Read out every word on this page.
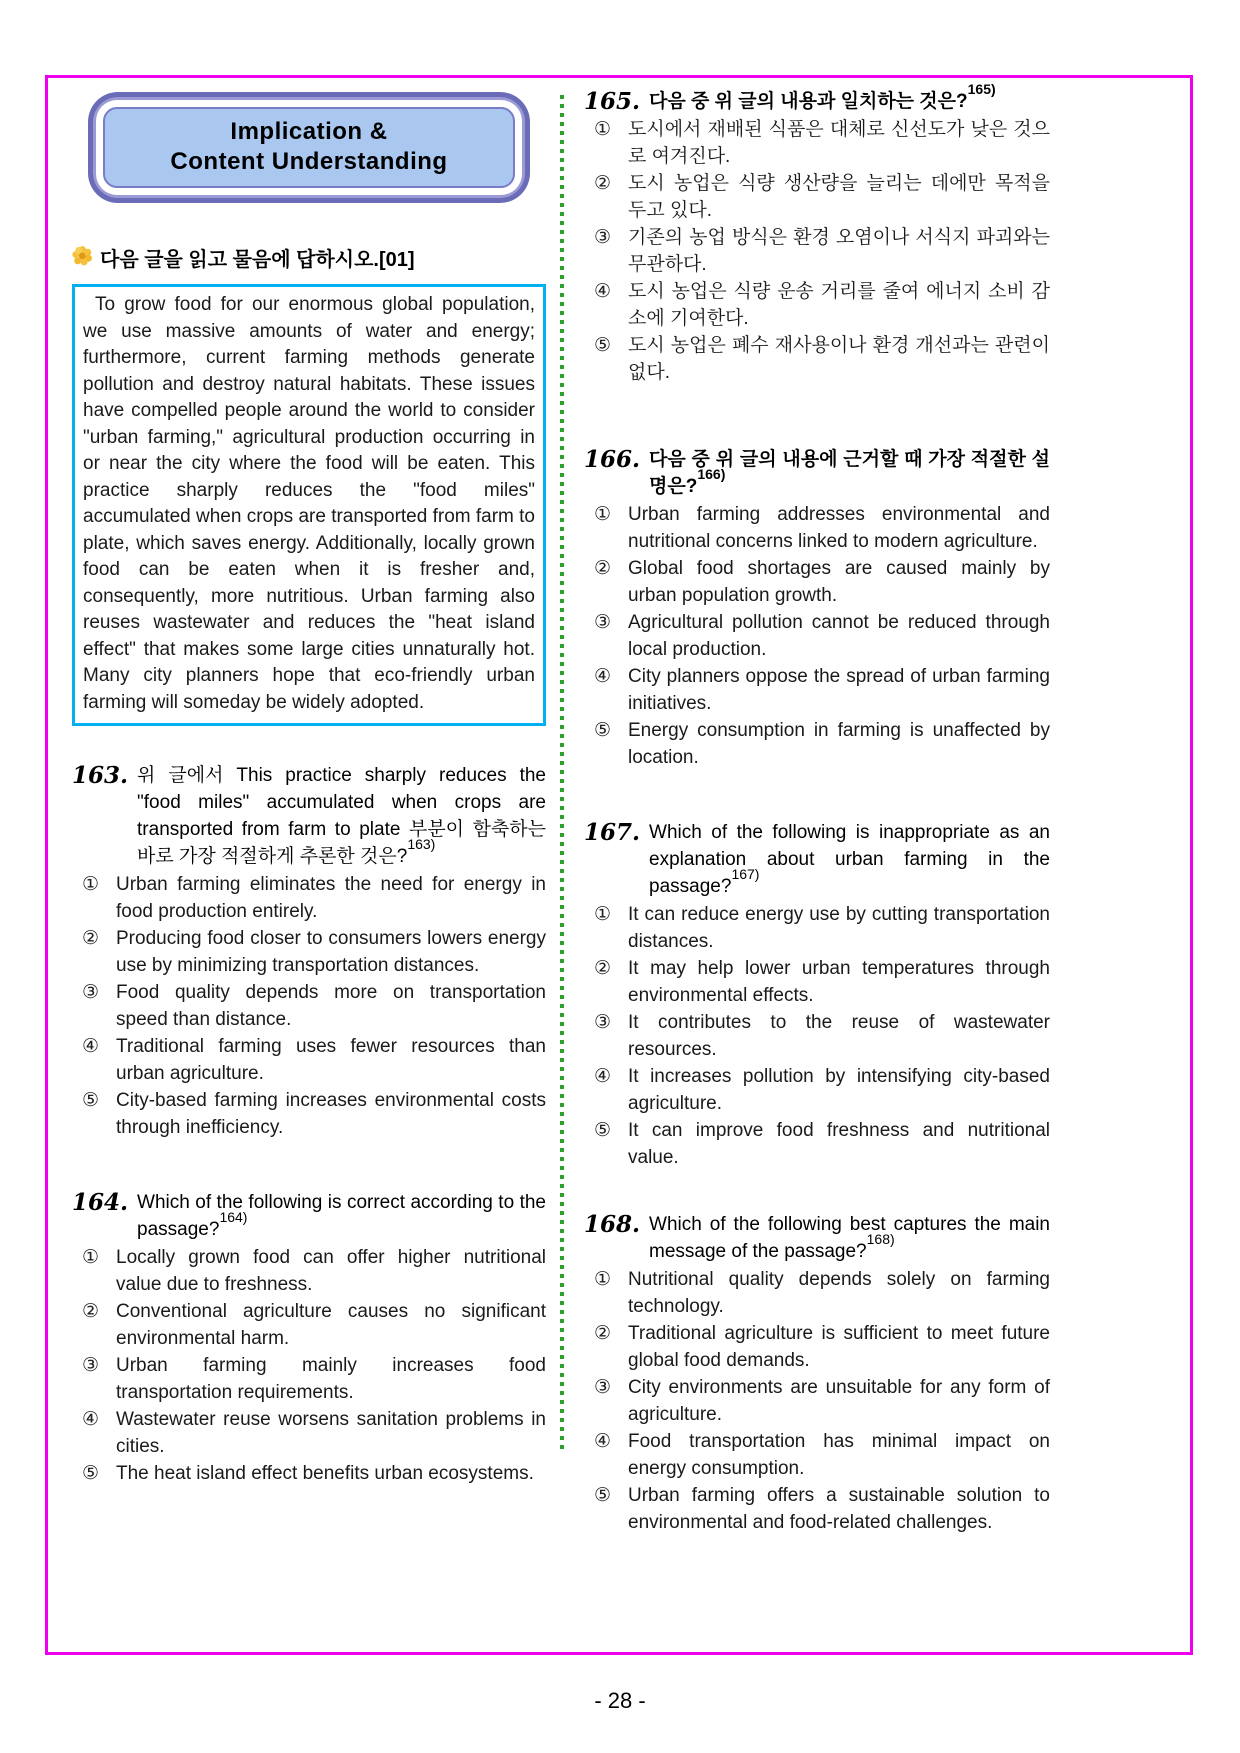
Implication &
Content Understanding
다음 글을 읽고 물음에 답하시오.[01]
To grow food for our enormous global population, we use massive amounts of water and energy; furthermore, current farming methods generate pollution and destroy natural habitats. These issues have compelled people around the world to consider "urban farming," agricultural production occurring in or near the city where the food will be eaten. This practice sharply reduces the "food miles" accumulated when crops are transported from farm to plate, which saves energy. Additionally, locally grown food can be eaten when it is fresher and, consequently, more nutritious. Urban farming also reuses wastewater and reduces the "heat island effect" that makes some large cities unnaturally hot. Many city planners hope that eco-friendly urban farming will someday be widely adopted.
163. 위 글에서 This practice sharply reduces the "food miles" accumulated when crops are transported from farm to plate 부분이 함축하는 바로 가장 적절하게 추론한 것은?$^{163)}$
① Urban farming eliminates the need for energy in food production entirely.
② Producing food closer to consumers lowers energy use by minimizing transportation distances.
③ Food quality depends more on transportation speed than distance.
④ Traditional farming uses fewer resources than urban agriculture.
⑤ City-based farming increases environmental costs through inefficiency.
164. Which of the following is correct according to the passage?$^{164)}$
① Locally grown food can offer higher nutritional value due to freshness.
② Conventional agriculture causes no significant environmental harm.
③ Urban farming mainly increases food transportation requirements.
④ Wastewater reuse worsens sanitation problems in cities.
⑤ The heat island effect benefits urban ecosystems.
165. 다음 중 위 글의 내용과 일치하는 것은?$^{165)}$
① 도시에서 재배된 식품은 대체로 신선도가 낮은 것으로 여겨진다.
② 도시 농업은 식량 생산량을 늘리는 데에만 목적을 두고 있다.
③ 기존의 농업 방식은 환경 오염이나 서식지 파괴와는 무관하다.
④ 도시 농업은 식량 운송 거리를 줄여 에너지 소비 감소에 기여한다.
⑤ 도시 농업은 폐수 재사용이나 환경 개선과는 관련이 없다.
166. 다음 중 위 글의 내용에 근거할 때 가장 적절한 설명은?$^{166)}$
① Urban farming addresses environmental and nutritional concerns linked to modern agriculture.
② Global food shortages are caused mainly by urban population growth.
③ Agricultural pollution cannot be reduced through local production.
④ City planners oppose the spread of urban farming initiatives.
⑤ Energy consumption in farming is unaffected by location.
167. Which of the following is inappropriate as an explanation about urban farming in the passage?$^{167)}$
① It can reduce energy use by cutting transportation distances.
② It may help lower urban temperatures through environmental effects.
③ It contributes to the reuse of wastewater resources.
④ It increases pollution by intensifying city-based agriculture.
⑤ It can improve food freshness and nutritional value.
168. Which of the following best captures the main message of the passage?$^{168)}$
① Nutritional quality depends solely on farming technology.
② Traditional agriculture is sufficient to meet future global food demands.
③ City environments are unsuitable for any form of agriculture.
④ Food transportation has minimal impact on energy consumption.
⑤ Urban farming offers a sustainable solution to environmental and food-related challenges.
- 28 -
